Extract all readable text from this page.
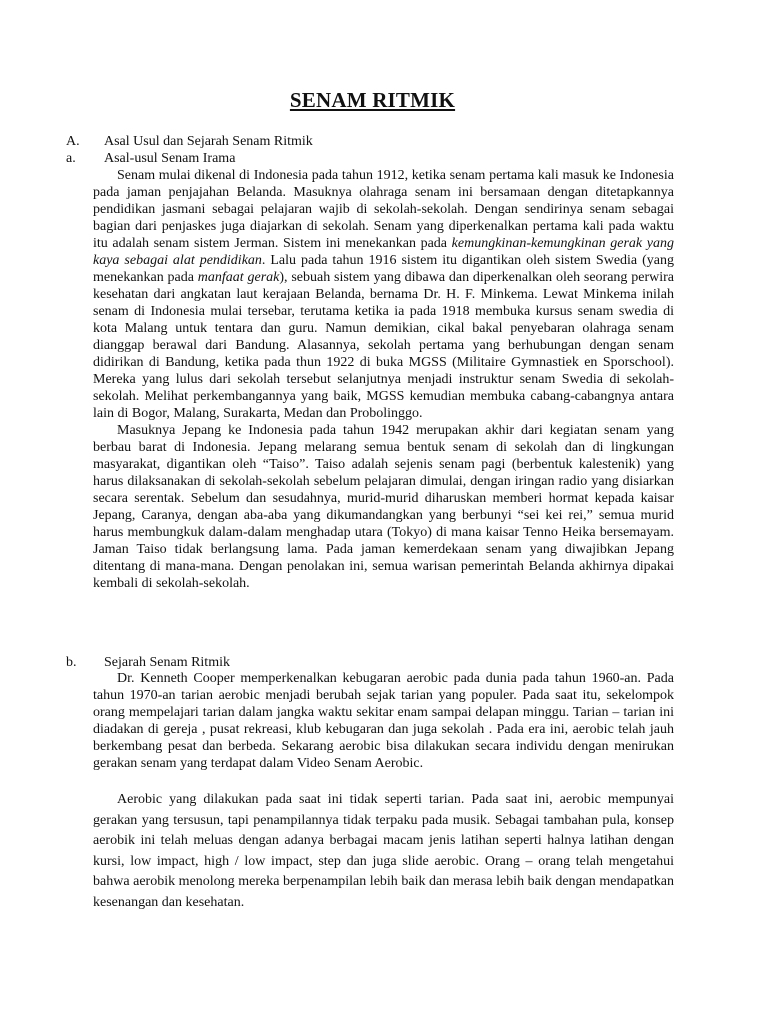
SENAM RITMIK
A. Asal Usul dan Sejarah Senam Ritmik
a. Asal-usul Senam Irama

Senam mulai dikenal di Indonesia pada tahun 1912, ketika senam pertama kali masuk ke Indonesia pada jaman penjajahan Belanda. Masuknya olahraga senam ini bersamaan dengan ditetapkannya pendidikan jasmani sebagai pelajaran wajib di sekolah-sekolah. Dengan sendirinya senam sebagai bagian dari penjaskes juga diajarkan di sekolah. Senam yang diperkenalkan pertama kali pada waktu itu adalah senam sistem Jerman. Sistem ini menekankan pada kemungkinan-kemungkinan gerak yang kaya sebagai alat pendidikan. Lalu pada tahun 1916 sistem itu digantikan oleh sistem Swedia (yang menekankan pada manfaat gerak), sebuah sistem yang dibawa dan diperkenalkan oleh seorang perwira kesehatan dari angkatan laut kerajaan Belanda, bernama Dr. H. F. Minkema. Lewat Minkema inilah senam di Indonesia mulai tersebar, terutama ketika ia pada 1918 membuka kursus senam swedia di kota Malang untuk tentara dan guru. Namun demikian, cikal bakal penyebaran olahraga senam dianggap berawal dari Bandung. Alasannya, sekolah pertama yang berhubungan dengan senam didirikan di Bandung, ketika pada thun 1922 di buka MGSS (Militaire Gymnastiek en Sporschool). Mereka yang lulus dari sekolah tersebut selanjutnya menjadi instruktur senam Swedia di sekolah-sekolah. Melihat perkembangannya yang baik, MGSS kemudian membuka cabang-cabangnya antara lain di Bogor, Malang, Surakarta, Medan dan Probolinggo.

Masuknya Jepang ke Indonesia pada tahun 1942 merupakan akhir dari kegiatan senam yang berbau barat di Indonesia. Jepang melarang semua bentuk senam di sekolah dan di lingkungan masyarakat, digantikan oleh “Taiso”. Taiso adalah sejenis senam pagi (berbentuk kalestenik) yang harus dilaksanakan di sekolah-sekolah sebelum pelajaran dimulai, dengan iringan radio yang disiarkan secara serentak. Sebelum dan sesudahnya, murid-murid diharuskan memberi hormat kepada kaisar Jepang, Caranya, dengan aba-aba yang dikumandangkan yang berbunyi “sei kei rei,” semua murid harus membungkuk dalam-dalam menghadap utara (Tokyo) di mana kaisar Tenno Heika bersemayam. Jaman Taiso tidak berlangsung lama. Pada jaman kemerdekaan senam yang diwajibkan Jepang ditentang di mana-mana. Dengan penolakan ini, semua warisan pemerintah Belanda akhirnya dipakai kembali di sekolah-sekolah.

b. Sejarah Senam Ritmik

Dr. Kenneth Cooper memperkenalkan kebugaran aerobic pada dunia pada tahun 1960-an. Pada tahun 1970-an tarian aerobic menjadi berubah sejak tarian yang populer. Pada saat itu, sekelompok orang mempelajari tarian dalam jangka waktu sekitar enam sampai delapan minggu. Tarian – tarian ini diadakan di gereja , pusat rekreasi, klub kebugaran dan juga sekolah . Pada era ini, aerobic telah jauh berkembang pesat dan berbeda. Sekarang aerobic bisa dilakukan secara individu dengan menirukan gerakan senam yang terdapat dalam Video Senam Aerobic.

Aerobic yang dilakukan pada saat ini tidak seperti tarian. Pada saat ini, aerobic mempunyai gerakan yang tersusun, tapi penampilannya tidak terpaku pada musik. Sebagai tambahan pula, konsep aerobik ini telah meluas dengan adanya berbagai macam jenis latihan seperti halnya latihan dengan kursi, low impact, high / low impact, step dan juga slide aerobic. Orang – orang telah mengetahui bahwa aerobik menolong mereka berpenampilan lebih baik dan merasa lebih baik dengan mendapatkan kesenangan dan kesehatan.
